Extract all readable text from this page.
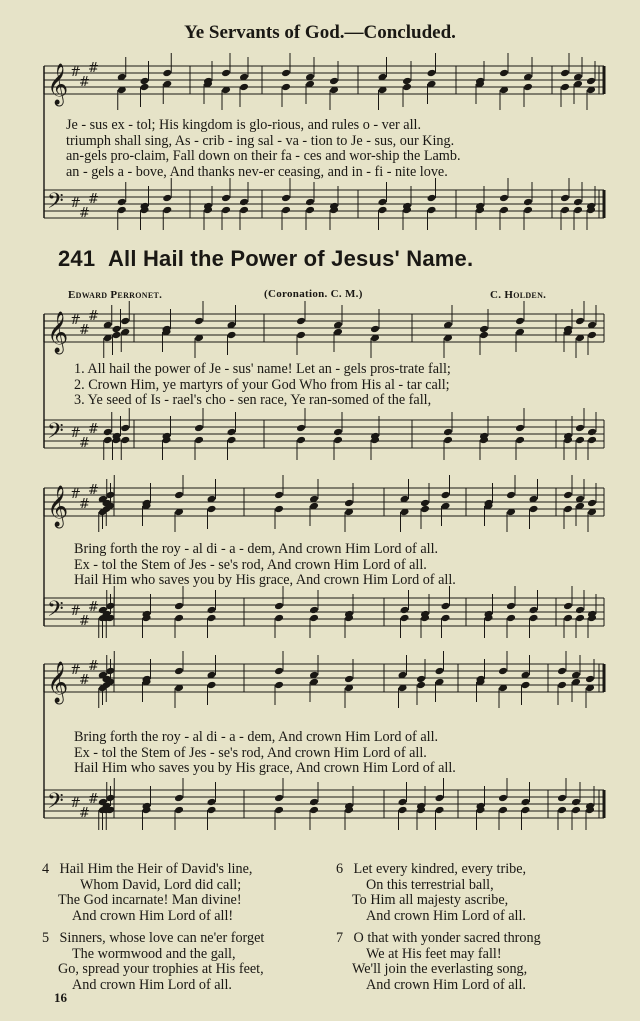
Ye Servants of God.—Concluded.
𝄞
𝄢
#
#
#
#
#
#
𝄞
𝄢
#
#
#
#
#
#
𝄞
𝄢
#
#
#
#
#
#
𝄞
𝄢
#
#
#
#
#
#
Je - sus ex - tol; His kingdom is glo-rious, and rules o - ver all.
triumph shall sing, As - crib - ing sal - va - tion to Je - sus, our King.
an-gels pro-claim, Fall down on their fa - ces and wor-ship the Lamb.
an - gels a - bove, And thanks nev-er ceasing, and in - fi - nite love.
241 All Hail the Power of Jesus' Name.
Edward Perronet.	(Coronation. C. M.)	C. Holden.
1. All hail the power of Je - sus' name! Let an - gels pros-trate fall;
2. Crown Him, ye martyrs of your God Who from His al - tar call;
3. Ye seed of Is - rael's cho - sen race, Ye ran-somed of the fall,
Bring forth the roy - al di - a - dem, And crown Him Lord of all.
Ex - tol the Stem of Jes - se's rod, And crown Him Lord of all.
Hail Him who saves you by His grace, And crown Him Lord of all.
Bring forth the roy - al di - a - dem, And crown Him Lord of all.
Ex - tol the Stem of Jes - se's rod, And crown Him Lord of all.
Hail Him who saves you by His grace, And crown Him Lord of all.
4 Hail Him the Heir of David's line,
Whom David, Lord did call;
The God incarnate! Man divine!
And crown Him Lord of all!
5 Sinners, whose love can ne'er forget
The wormwood and the gall,
Go, spread your trophies at His feet,
And crown Him Lord of all.
6 Let every kindred, every tribe,
On this terrestrial ball,
To Him all majesty ascribe,
And crown Him Lord of all.
7 O that with yonder sacred throng
We at His feet may fall!
We'll join the everlasting song,
And crown Him Lord of all.
16
